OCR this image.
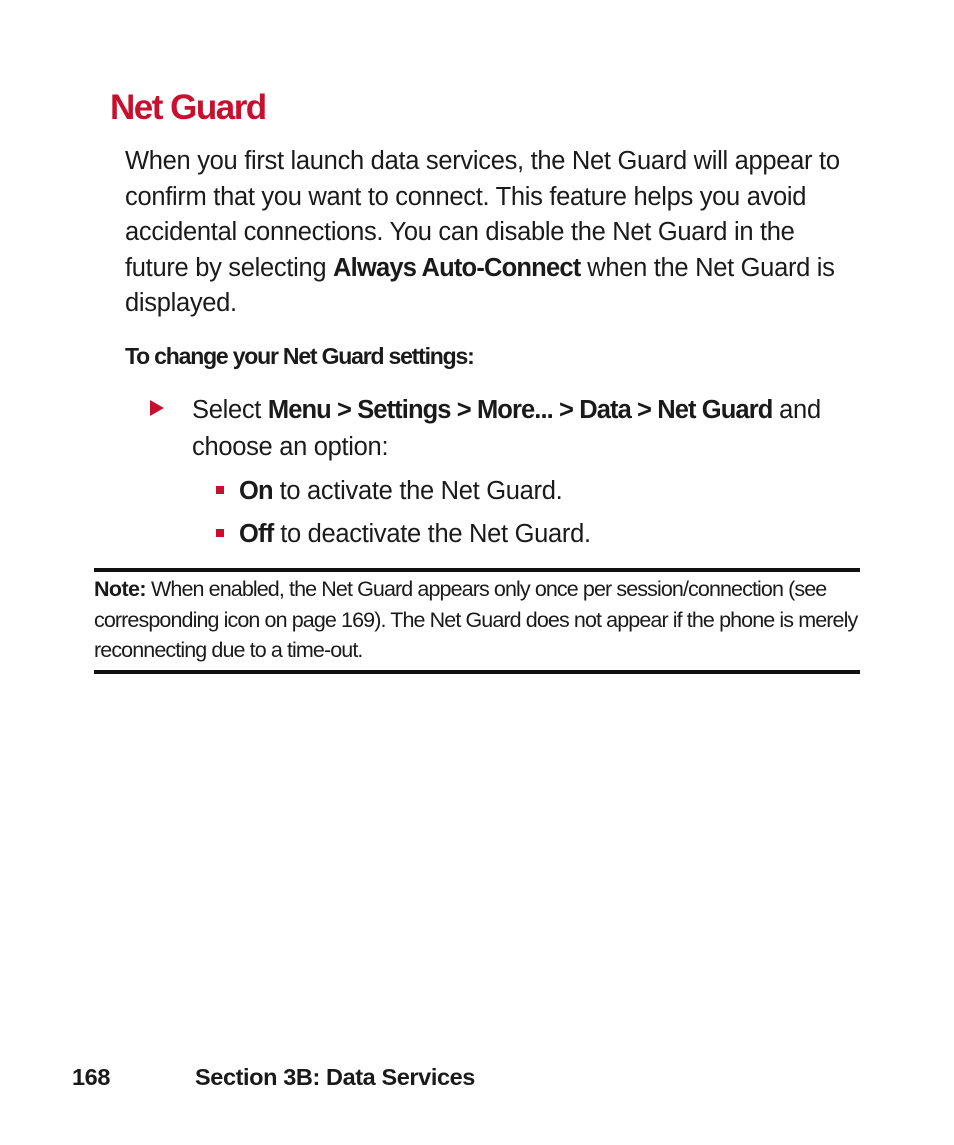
Net Guard

When you first launch data services, the Net Guard will appear to confirm that you want to connect. This feature helps you avoid accidental connections. You can disable the Net Guard in the future by selecting Always Auto-Connect when the Net Guard is displayed.

To change your Net Guard settings:

Select Menu > Settings > More... > Data > Net Guard and choose an option:

On to activate the Net Guard.
Off to deactivate the Net Guard.

Note: When enabled, the Net Guard appears only once per session/connection (see corresponding icon on page 169). The Net Guard does not appear if the phone is merely reconnecting due to a time-out.

168	Section 3B: Data Services
